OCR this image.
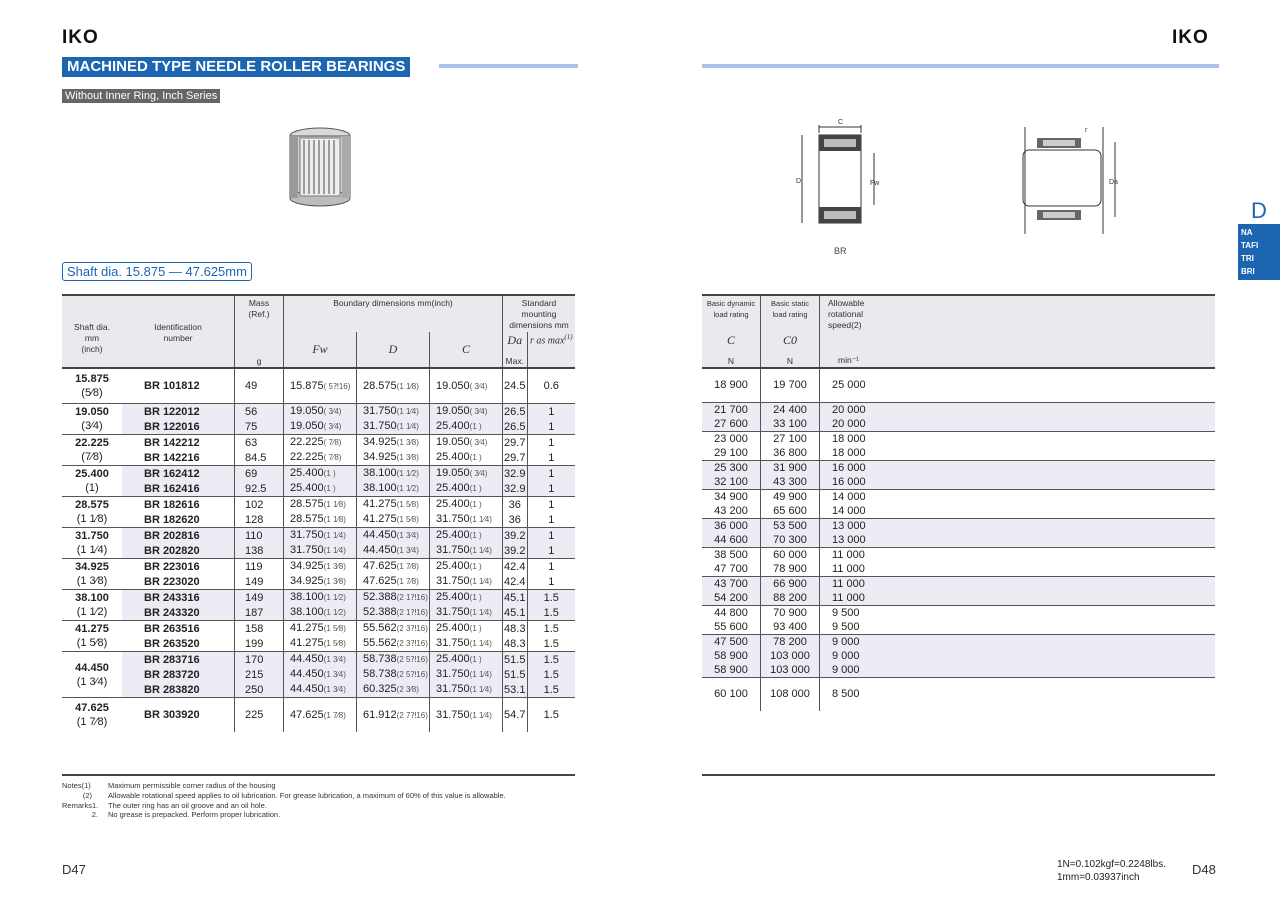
IKO	IKO
MACHINED TYPE NEEDLE ROLLER BEARINGS
Without Inner Ring, Inch Series
Shaft dia. 15.875 — 47.625mm
C
D	Fw	Da
r
BR
D
NA
TAFI
TRI
BRI
Shaft dia.
mm
(inch)	Identification
number	Mass
(Ref.)	Boundary dimensions mm(inch)			Standard mounting
dimensions mm	
			Fw	D	C	Da	r as $\max^{(1)}$
		g				Max.	

15.875
(5⁄8)	BR 101812	49	15.875( 5⁈16)	28.575(1 1⁄8)	19.050( 3⁄4)	24.5	0.6

19.050
(3⁄4)	BR 122012	56	19.050( 3⁄4)	31.750(1 1⁄4)	19.050( 3⁄4)	26.5	1
	BR 122016	75	19.050( 3⁄4)	31.750(1 1⁄4)	25.400(1 )	26.5	1

22.225
(7⁄8)	BR 142212	63	22.225( 7⁄8)	34.925(1 3⁄8)	19.050( 3⁄4)	29.7	1
	BR 142216	84.5	22.225( 7⁄8)	34.925(1 3⁄8)	25.400(1 )	29.7	1

25.400
(1)	BR 162412	69	25.400(1 )	38.100(1 1⁄2)	19.050( 3⁄4)	32.9	1
	BR 162416	92.5	25.400(1 )	38.100(1 1⁄2)	25.400(1 )	32.9	1

28.575
(1 1⁄8)	BR 182616	102	28.575(1 1⁄8)	41.275(1 5⁄8)	25.400(1 )	36	1
	BR 182620	128	28.575(1 1⁄8)	41.275(1 5⁄8)	31.750(1 1⁄4)	36	1

31.750
(1 1⁄4)	BR 202816	110	31.750(1 1⁄4)	44.450(1 3⁄4)	25.400(1 )	39.2	1
	BR 202820	138	31.750(1 1⁄4)	44.450(1 3⁄4)	31.750(1 1⁄4)	39.2	1

34.925
(1 3⁄8)	BR 223016	119	34.925(1 3⁄8)	47.625(1 7⁄8)	25.400(1 )	42.4	1
	BR 223020	149	34.925(1 3⁄8)	47.625(1 7⁄8)	31.750(1 1⁄4)	42.4	1

38.100
(1 1⁄2)	BR 243316	149	38.100(1 1⁄2)	52.388(2 1⁈16)	25.400(1 )	45.1	1.5
	BR 243320	187	38.100(1 1⁄2)	52.388(2 1⁈16)	31.750(1 1⁄4)	45.1	1.5

41.275
(1 5⁄8)	BR 263516	158	41.275(1 5⁄8)	55.562(2 3⁈16)	25.400(1 )	48.3	1.5
	BR 263520	199	41.275(1 5⁄8)	55.562(2 3⁈16)	31.750(1 1⁄4)	48.3	1.5

44.450
(1 3⁄4)	BR 283716	170	44.450(1 3⁄4)	58.738(2 5⁈16)	25.400(1 )	51.5	1.5
	BR 283720	215	44.450(1 3⁄4)	58.738(2 5⁈16)	31.750(1 1⁄4)	51.5	1.5
	BR 283820	250	44.450(1 3⁄4)	60.325(2 3⁄8)	31.750(1 1⁄4)	53.1	1.5

47.625
(1 7⁄8)	BR 303920	225	47.625(1 7⁄8)	61.912(2 7⁈16)	31.750(1 1⁄4)	54.7	1.5
Basic dynamic
load rating	Basic static
load rating	Allowable
rotational
speed(2)
C	C0	
N	N	min⁻¹
18 900	19 700	25 000
21 700	24 400	20 000
27 600	33 100	20 000
23 000	27 100	18 000
29 100	36 800	18 000
25 300	31 900	16 000
32 100	43 300	16 000
34 900	49 900	14 000
43 200	65 600	14 000
36 000	53 500	13 000
44 600	70 300	13 000
38 500	60 000	11 000
47 700	78 900	11 000
43 700	66 900	11 000
54 200	88 200	11 000
44 800	70 900	9 500
55 600	93 400	9 500
47 500	78 200	9 000
58 900	103 000	9 000
58 900	103 000	9 000
60 100	108 000	8 500
Notes(1) Maximum permissible corner radius of the housing
(2) Allowable rotational speed applies to oil lubrication. For grease lubrication, a maximum of 60% of this value is allowable.
Remarks1. The outer ring has an oil groove and an oil hole.
2. No grease is prepacked. Perform proper lubrication.
D47	D48
1N=0.102kgf=0.2248lbs.
1mm=0.03937inch
